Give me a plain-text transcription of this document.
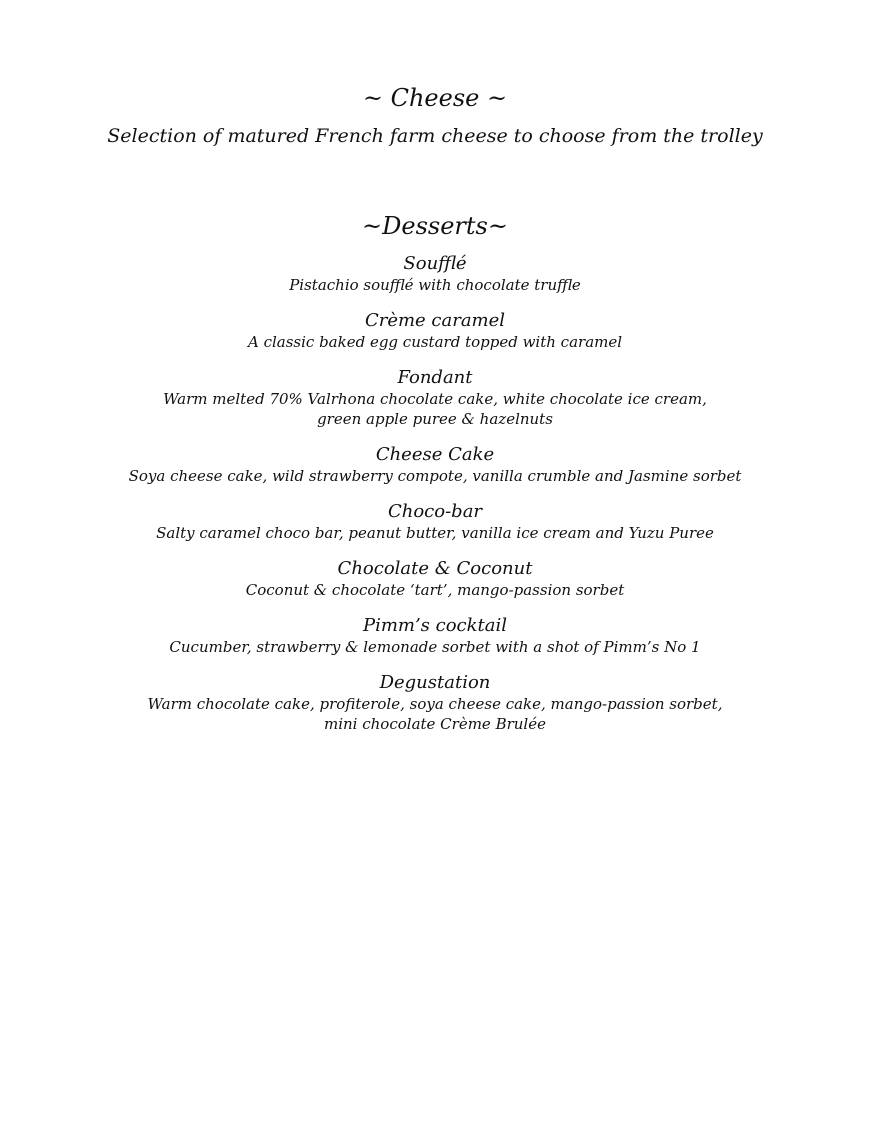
~ Cheese ~

Selection of matured French farm cheese to choose from the trolley

~Desserts~

Soufflé

Pistachio soufflé with chocolate truffle

Crème caramel

A classic baked egg custard topped with caramel

Fondant

Warm melted 70% Valrhona chocolate cake, white chocolate ice cream,
green apple puree & hazelnuts

Cheese Cake

Soya cheese cake, wild strawberry compote, vanilla crumble and Jasmine sorbet

Choco-bar

Salty caramel choco bar, peanut butter, vanilla ice cream and Yuzu Puree

Chocolate & Coconut

Coconut & chocolate ‘tart’, mango-passion sorbet

Pimm’s cocktail

Cucumber, strawberry & lemonade sorbet with a shot of Pimm’s No 1

Degustation

Warm chocolate cake, profiterole, soya cheese cake, mango-passion sorbet,
mini chocolate Crème Brulée
